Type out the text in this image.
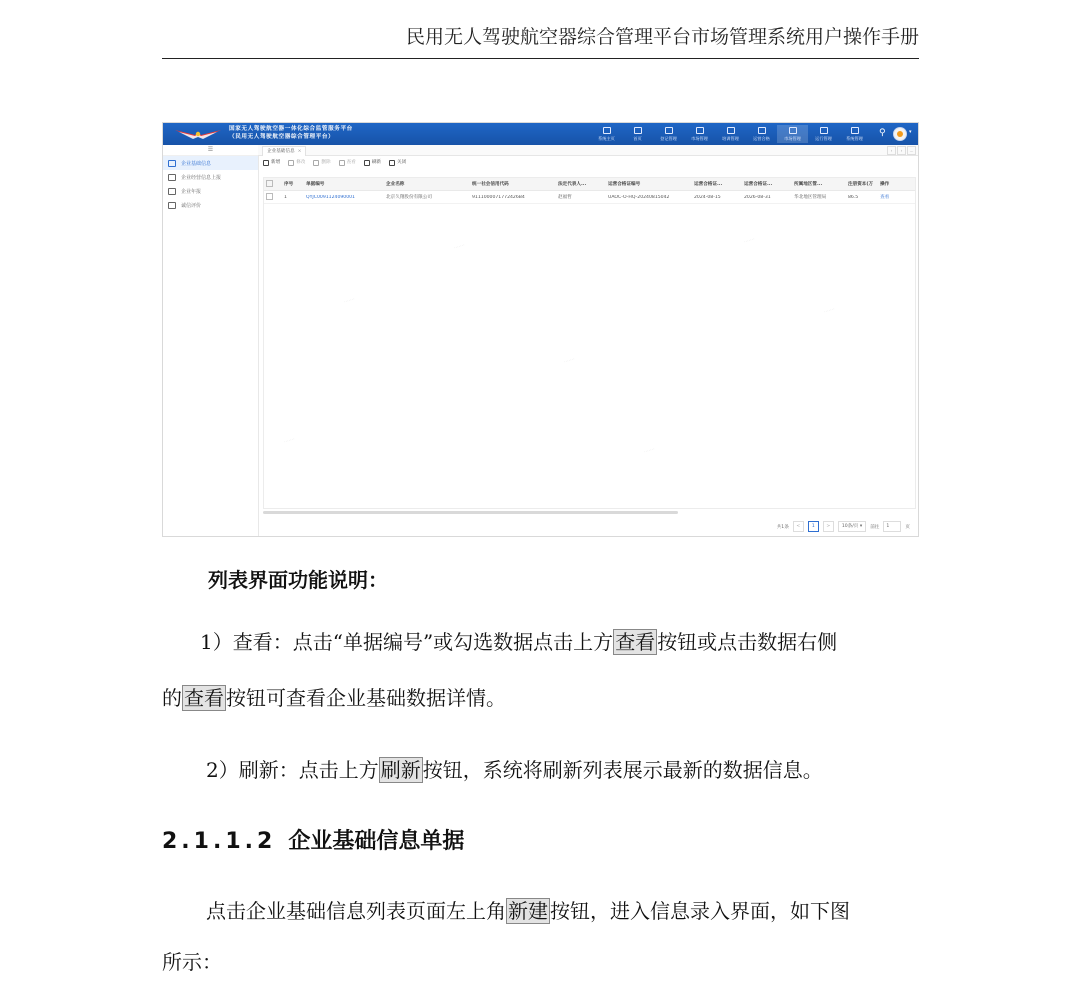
民用无人驾驶航空器综合管理平台市场管理系统用户操作手册
国家无人驾驶航空器一体化综合监管服务平台
（民用无人驾驶航空器综合管理平台）	系统主页	首页	登记管理	市场管理	培训管理	运营合格	市场管理	运行管理	系统管理
⚲	▾
☰
企业基础信息
企业经营信息上报
企业年报
诚信评价
企业基础信息 ×	‹	›	…
新增	修改	删除	查看	刷新	关闭
序号	单据编号	企业名称	统一社会信用代码	法定代表人...	运营合格证编号	运营合格证...	运营合格证...	所属地区管...	注册资本(万	操作
1	QYJC0091124090001	北京久翔股份有限公司	9111000071772426B4	赵福哲	UAOC-O-HQ-20240815042	2024-08-15	2026-08-31	华北地区管理局	86.5	查看
·······
·······
·······
·······
·······
·······
·······
共1条	<	1	>	10条/页 ▾	前往	1	页
列表界面功能说明：
1）查看：点击“单据编号”或勾选数据点击上方 查看 按钮或点击数据右侧
的 查看 按钮可查看企业基础数据详情。
2）刷新：点击上方 刷新 按钮，系统将刷新列表展示最新的数据信息。
2.1.1.2 企业基础信息单据
点击企业基础信息列表页面左上角 新建 按钮，进入信息录入界面，如下图
所示：
